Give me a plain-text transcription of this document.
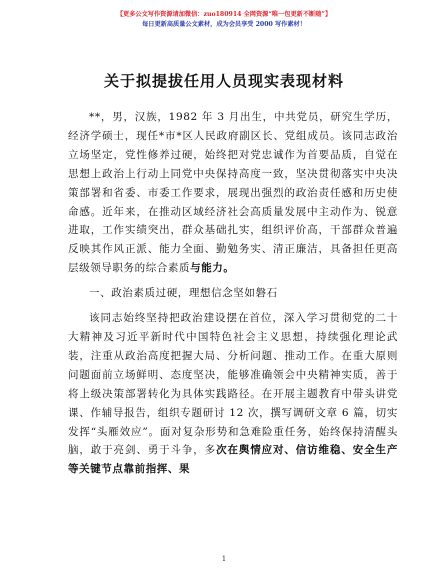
【更多公文写作资源请加微信：zuo180914 全网资源“唯一包更新不断随”】
每日更新高质量公文素材，成为会员享受 2000 写作素材！
关于拟提拔任用人员现实表现材料

**，男，汉族，1982 年 3 月出生，中共党员，研究生学历，经济学硕士，现任*市*区人民政府副区长、党组成员。该同志政治立场坚定，党性修养过硬，始终把对党忠诚作为首要品质，自觉在思想上政治上行动上同党中央保持高度一致，坚决贯彻落实中央决策部署和省委、市委工作要求，展现出强烈的政治责任感和历史使命感。近年来，在推动区域经济社会高质量发展中主动作为、锐意进取，工作实绩突出，群众基础扎实，组织评价高，干部群众普遍反映其作风正派、能力全面、勤勉务实、清正廉洁，具备担任更高层级领导职务的综合素质与能力。

一、政治素质过硬，理想信念坚如磐石

该同志始终坚持把政治建设摆在首位，深入学习贯彻党的二十大精神及习近平新时代中国特色社会主义思想，持续强化理论武装，注重从政治高度把握大局、分析问题、推动工作。在重大原则问题面前立场鲜明、态度坚决，能够准确领会中央精神实质，善于将上级决策部署转化为具体实践路径。在开展主题教育中带头讲党课、作辅导报告，组织专题研讨 12 次，撰写调研文章 6 篇，切实发挥“头雁效应”。面对复杂形势和急难险重任务，始终保持清醒头脑，敢于亮剑、勇于斗争，多次在舆情应对、信访维稳、安全生产等关键节点靠前指挥、果

1
